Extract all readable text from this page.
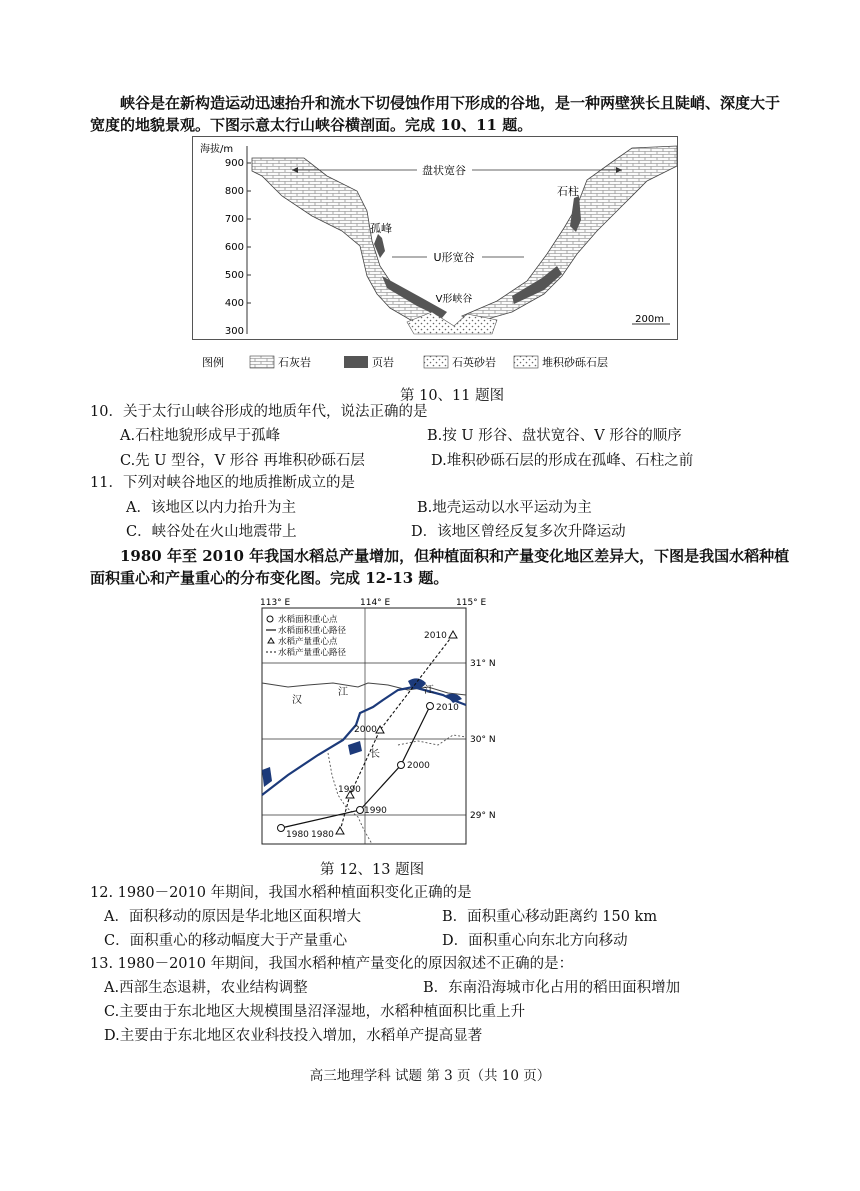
峡谷是在新构造运动迅速抬升和流水下切侵蚀作用下形成的谷地，是一种两壁狭长且陡峭、深度大于宽度的地貌景观。下图示意太行山峡谷横剖面。完成 10、11 题。
海拔/m
900
800
700
600
500
400
300
盘状宽谷
石柱
孤峰
U形宽谷
V形峡谷
200m
图例	石灰岩	页岩	石英砂岩	堆积砂砾石层
第 10、11 题图
10．关于太行山峡谷形成的地质年代，说法正确的是
A.石柱地貌形成早于孤峰	B.按 U 形谷、盘状宽谷、V 形谷的顺序
C.先 U 型谷，V 形谷 再堆积砂砾石层	D.堆积砂砾石层的形成在孤峰、石柱之前
11．下列对峡谷地区的地质推断成立的是
A．该地区以内力抬升为主	B.地壳运动以水平运动为主
C．峡谷处在火山地震带上	D．该地区曾经反复多次升降运动
1980 年至 2010 年我国水稻总产量增加，但种植面积和产量变化地区差异大，下图是我国水稻种植面积重心和产量重心的分布变化图。完成 12-13 题。
113° E	114° E	115° E
31° N
30° N
29° N
水稻面积重心点
水稻面积重心路径
水稻产量重心点
水稻产量重心路径
汉
江
长
江
1980
1990
2000
2010
1980
1990
2000
2010
第 12、13 题图
12. 1980－2010 年期间，我国水稻种植面积变化正确的是
A．面积移动的原因是华北地区面积增大	B．面积重心移动距离约 150 km
C．面积重心的移动幅度大于产量重心	D．面积重心向东北方向移动
13. 1980－2010 年期间，我国水稻种植产量变化的原因叙述不正确的是：
A.西部生态退耕，农业结构调整	B．东南沿海城市化占用的稻田面积增加
C.主要由于东北地区大规模围垦沼泽湿地，水稻种植面积比重上升
D.主要由于东北地区农业科技投入增加，水稻单产提高显著
高三地理学科 试题 第 3 页（共 10 页）
